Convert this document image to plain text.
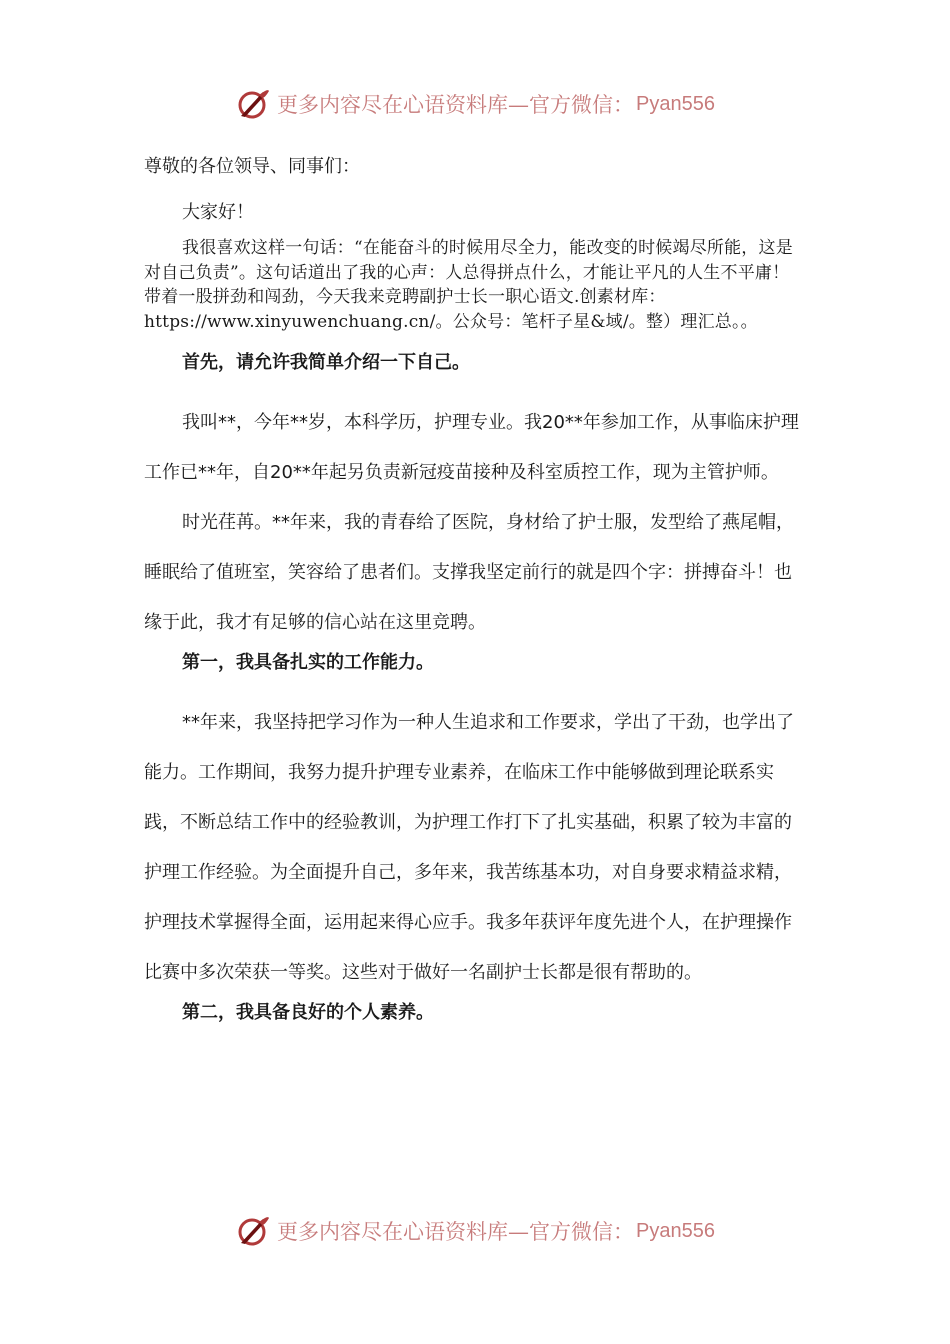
更多内容尽在心语资料库—官方微信： Pyan556

尊敬的各位领导、同事们：

大家好！

我很喜欢这样一句话：“在能奋斗的时候用尽全力，能改变的时候竭尽所能，这是对自己负责”。这句话道出了我的心声：人总得拼点什么，才能让平凡的人生不平庸！带着一股拼劲和闯劲，今天我来竞聘副护士长一职心语文.创素材库：https://www.xinyuwenchuang.cn/。公众号：笔杆子星&域/。整）理汇总。。

首先，请允许我简单介绍一下自己。

我叫**，今年**岁，本科学历，护理专业。我20**年参加工作，从事临床护理工作已**年，自20**年起另负责新冠疫苗接种及科室质控工作，现为主管护师。

时光荏苒。**年来，我的青春给了医院，身材给了护士服，发型给了燕尾帽，睡眠给了值班室，笑容给了患者们。支撑我坚定前行的就是四个字：拼搏奋斗！也缘于此，我才有足够的信心站在这里竞聘。

第一，我具备扎实的工作能力。

**年来，我坚持把学习作为一种人生追求和工作要求，学出了干劲，也学出了能力。工作期间，我努力提升护理专业素养，在临床工作中能够做到理论联系实践，不断总结工作中的经验教训，为护理工作打下了扎实基础，积累了较为丰富的护理工作经验。为全面提升自己，多年来，我苦练基本功，对自身要求精益求精，护理技术掌握得全面，运用起来得心应手。我多年获评年度先进个人，在护理操作比赛中多次荣获一等奖。这些对于做好一名副护士长都是很有帮助的。

第二，我具备良好的个人素养。

更多内容尽在心语资料库—官方微信： Pyan556
